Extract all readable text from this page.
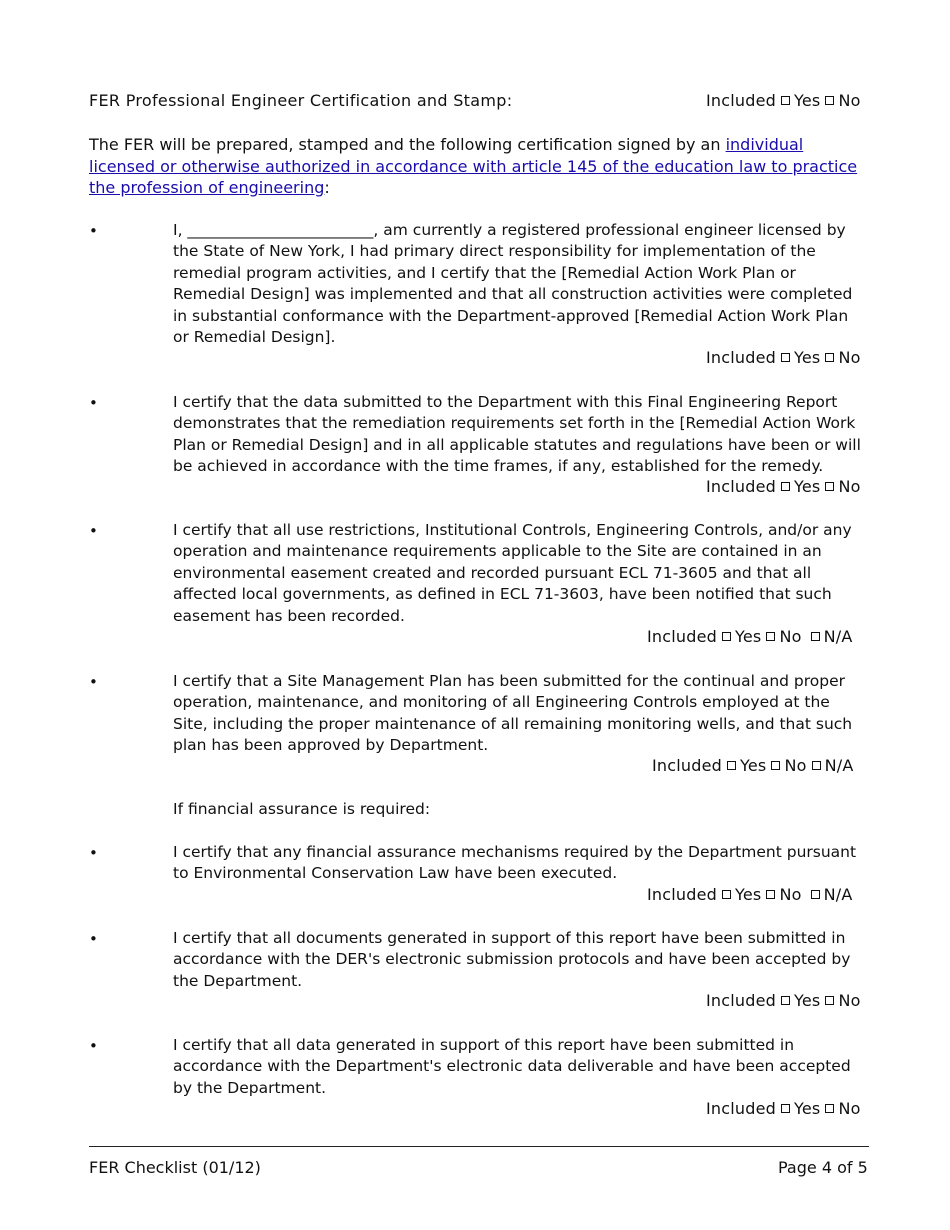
FER Professional Engineer Certification and Stamp:	Included Yes No
The FER will be prepared, stamped and the following certification signed by an individual licensed or otherwise authorized in accordance with article 145 of the education law to practice the profession of engineering:
•	I, ________________________, am currently a registered professional engineer licensed by the State of New York, I had primary direct responsibility for implementation of the remedial program activities, and I certify that the [Remedial Action Work Plan or Remedial Design] was implemented and that all construction activities were completed in substantial conformance with the Department-approved [Remedial Action Work Plan or Remedial Design].
Included Yes No
•	I certify that the data submitted to the Department with this Final Engineering Report demonstrates that the remediation requirements set forth in the [Remedial Action Work Plan or Remedial Design] and in all applicable statutes and regulations have been or will be achieved in accordance with the time frames, if any, established for the remedy.
Included Yes No
•	I certify that all use restrictions, Institutional Controls, Engineering Controls, and/or any operation and maintenance requirements applicable to the Site are contained in an environmental easement created and recorded pursuant ECL 71-3605 and that all affected local governments, as defined in ECL 71-3603, have been notified that such easement has been recorded.
Included Yes No N/A
•	I certify that a Site Management Plan has been submitted for the continual and proper operation, maintenance, and monitoring of all Engineering Controls employed at the Site, including the proper maintenance of all remaining monitoring wells, and that such plan has been approved by Department.
Included Yes No N/A
If financial assurance is required:
•	I certify that any financial assurance mechanisms required by the Department pursuant to Environmental Conservation Law have been executed.
Included Yes No N/A
•	I certify that all documents generated in support of this report have been submitted in accordance with the DER's electronic submission protocols and have been accepted by the Department.
Included Yes No
•	I certify that all data generated in support of this report have been submitted in accordance with the Department's electronic data deliverable and have been accepted by the Department.
Included Yes No
FER Checklist (01/12)	Page 4 of 5
